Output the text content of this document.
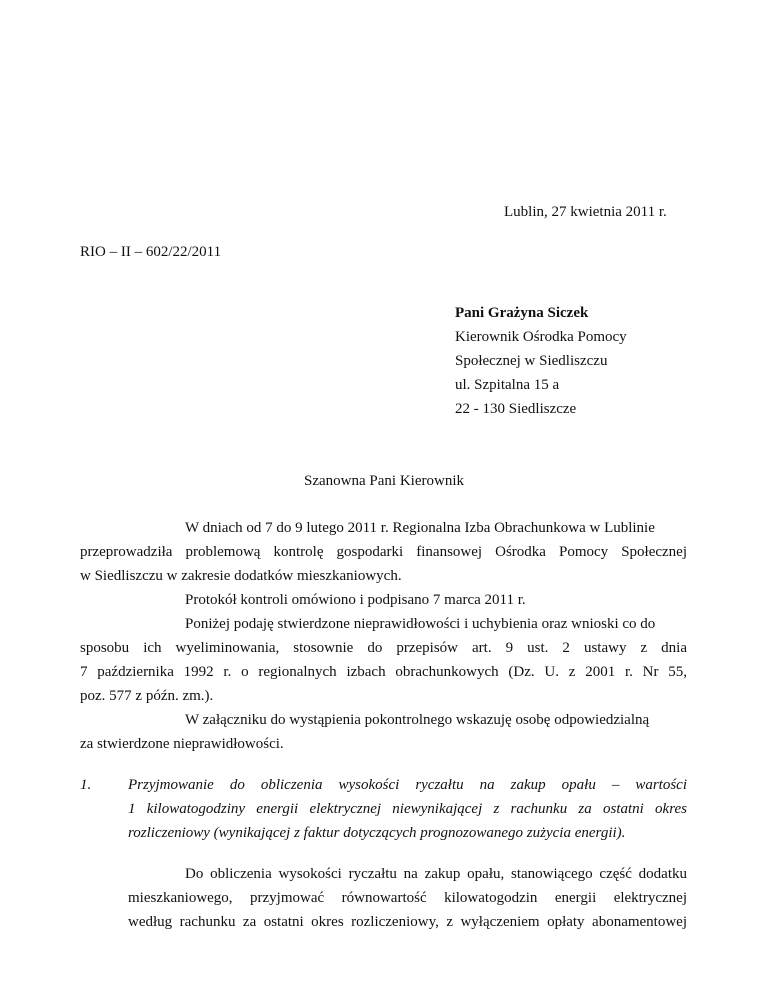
Lublin, 27 kwietnia 2011 r.
RIO – II – 602/22/2011
Pani Grażyna Siczek
Kierownik Ośrodka Pomocy
Społecznej w Siedliszczu
ul. Szpitalna 15 a
22 - 130 Siedliszcze
Szanowna Pani Kierownik
W dniach od 7 do 9 lutego 2011 r. Regionalna Izba Obrachunkowa w Lublinie
przeprowadziła problemową kontrolę gospodarki finansowej Ośrodka Pomocy Społecznej
w Siedliszczu w zakresie dodatków mieszkaniowych.
Protokół kontroli omówiono i podpisano 7 marca 2011 r.
Poniżej podaję stwierdzone nieprawidłowości i uchybienia oraz wnioski co do
sposobu ich wyeliminowania, stosownie do przepisów art. 9 ust. 2 ustawy z dnia
7 października 1992 r. o regionalnych izbach obrachunkowych (Dz. U. z 2001 r. Nr 55,
poz. 577 z późn. zm.).
W załączniku do wystąpienia pokontrolnego wskazuję osobę odpowiedzialną
za stwierdzone nieprawidłowości.
1. Przyjmowanie do obliczenia wysokości ryczałtu na zakup opału – wartości
1 kilowatogodziny energii elektrycznej niewynikającej z rachunku za ostatni okres
rozliczeniowy (wynikającej z faktur dotyczących prognozowanego zużycia energii).
Do obliczenia wysokości ryczałtu na zakup opału, stanowiącego część dodatku
mieszkaniowego, przyjmować równowartość kilowatogodzin energii elektrycznej
według rachunku za ostatni okres rozliczeniowy, z wyłączeniem opłaty abonamentowej
